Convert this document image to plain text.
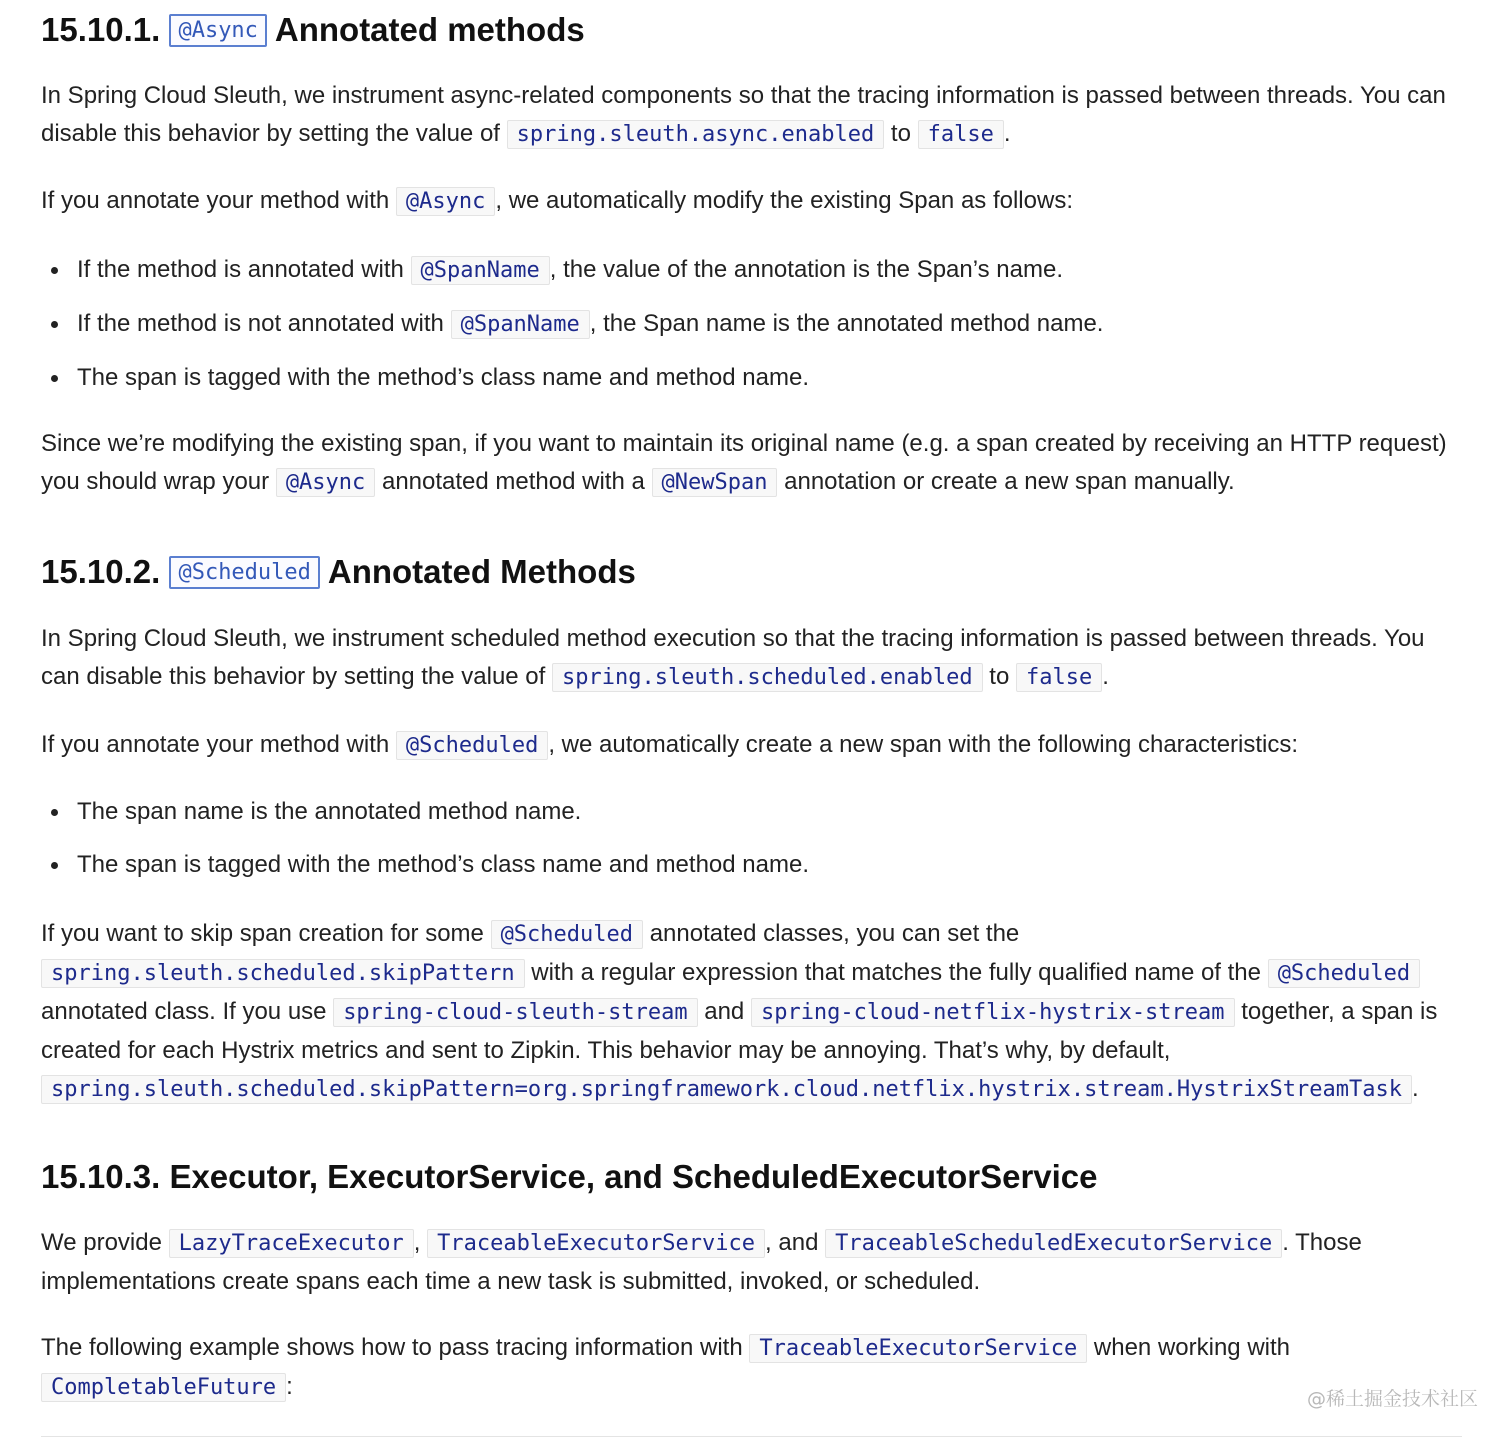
15.10.1. @Async Annotated methods

In Spring Cloud Sleuth, we instrument async-related components so that the tracing information is passed between threads. You can disable this behavior by setting the value of spring.sleuth.async.enabled to false .

If you annotate your method with @Async , we automatically modify the existing Span as follows:

If the method is annotated with @SpanName , the value of the annotation is the Span’s name.
If the method is not annotated with @SpanName , the Span name is the annotated method name.
The span is tagged with the method’s class name and method name.

Since we’re modifying the existing span, if you want to maintain its original name (e.g. a span created by receiving an HTTP request) you should wrap your @Async annotated method with a @NewSpan annotation or create a new span manually.

15.10.2. @Scheduled Annotated Methods

In Spring Cloud Sleuth, we instrument scheduled method execution so that the tracing information is passed between threads. You can disable this behavior by setting the value of spring.sleuth.scheduled.enabled to false .

If you annotate your method with @Scheduled , we automatically create a new span with the following characteristics:

The span name is the annotated method name.
The span is tagged with the method’s class name and method name.

If you want to skip span creation for some @Scheduled annotated classes, you can set the spring.sleuth.scheduled.skipPattern with a regular expression that matches the fully qualified name of the @Scheduled annotated class. If you use spring-cloud-sleuth-stream and spring-cloud-netflix-hystrix-stream together, a span is created for each Hystrix metrics and sent to Zipkin. This behavior may be annoying. That’s why, by default, spring.sleuth.scheduled.skipPattern=org.springframework.cloud.netflix.hystrix.stream.HystrixStreamTask .

15.10.3. Executor, ExecutorService, and ScheduledExecutorService

We provide LazyTraceExecutor , TraceableExecutorService , and TraceableScheduledExecutorService . Those implementations create spans each time a new task is submitted, invoked, or scheduled.

The following example shows how to pass tracing information with TraceableExecutorService when working with CompletableFuture :	@稀土掘金技术社区
